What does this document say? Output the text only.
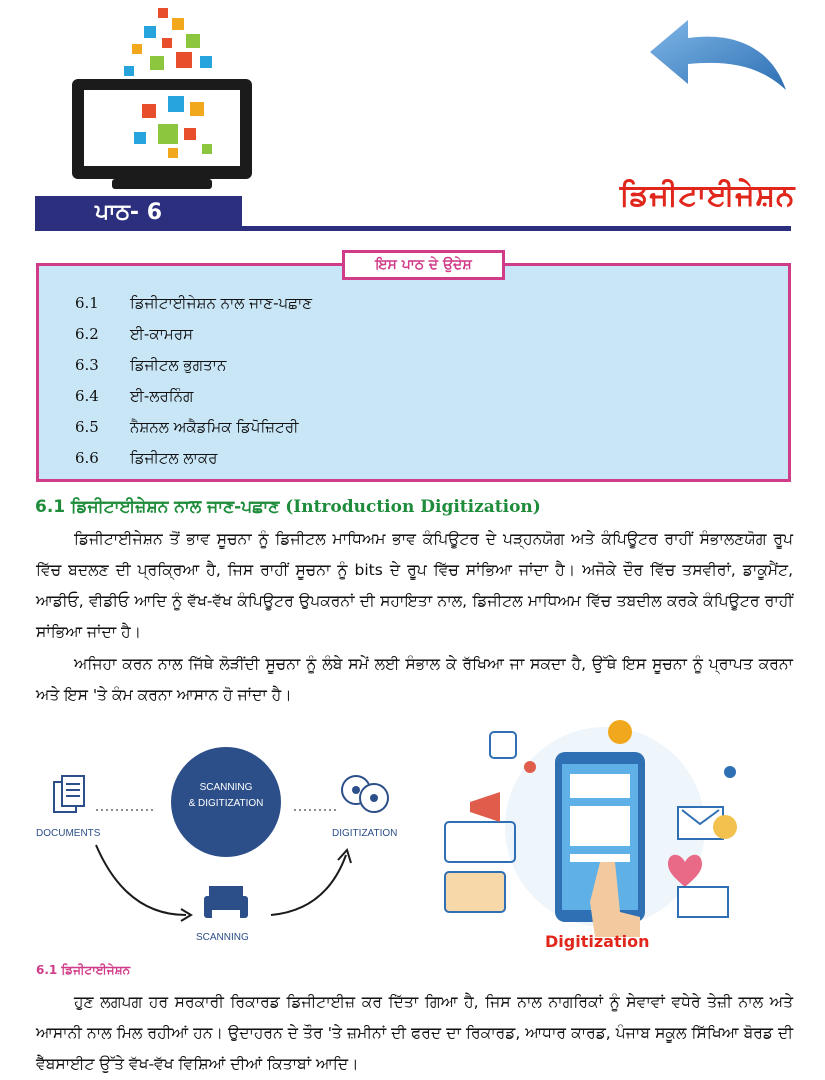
ਪਾਠ- 6	ਡਿਜੀਟਾਈਜੇਸ਼ਨ
6.1 ਡਿਜੀਟਾਈਜੇਸ਼ਨ ਨਾਲ ਜਾਣ-ਪਛਾਣ
6.2 ਈ-ਕਾਮਰਸ
6.3 ਡਿਜੀਟਲ ਭੁਗਤਾਨ
6.4 ਈ-ਲਰਨਿੰਗ
6.5 ਨੈਸ਼ਨਲ ਅਕੈਡਮਿਕ ਡਿਪੋਜ਼ਿਟਰੀ
6.6 ਡਿਜੀਟਲ ਲਾਕਰ
ਇਸ ਪਾਠ ਦੇ ਉਦੇਸ਼
6.1 ਡਿਜੀਟਾਈਜ਼ੇਸ਼ਨ ਨਾਲ ਜਾਣ-ਪਛਾਣ (Introduction Digitization)

ਡਿਜੀਟਾਈਜੇਸ਼ਨ ਤੋਂ ਭਾਵ ਸੂਚਨਾ ਨੂੰ ਡਿਜੀਟਲ ਮਾਧਿਅਮ ਭਾਵ ਕੰਪਿਊਟਰ ਦੇ ਪੜ੍ਹਨਯੋਗ ਅਤੇ ਕੰਪਿਊਟਰ ਰਾਹੀਂ ਸੰਭਾਲਣਯੋਗ ਰੂਪ ਵਿੱਚ ਬਦਲਣ ਦੀ ਪ੍ਰਕ੍ਰਿਆ ਹੈ, ਜਿਸ ਰਾਹੀਂ ਸੂਚਨਾ ਨੂੰ bits ਦੇ ਰੂਪ ਵਿੱਚ ਸਾਂਭਿਆ ਜਾਂਦਾ ਹੈ। ਅਜੋਕੇ ਦੌਰ ਵਿੱਚ ਤਸਵੀਰਾਂ, ਡਾਕੂਮੈਂਟ, ਆਡੀਓ, ਵੀਡੀਓ ਆਦਿ ਨੂੰ ਵੱਖ-ਵੱਖ ਕੰਪਿਊਟਰ ਉਪਕਰਨਾਂ ਦੀ ਸਹਾਇਤਾ ਨਾਲ, ਡਿਜੀਟਲ ਮਾਧਿਅਮ ਵਿੱਚ ਤਬਦੀਲ ਕਰਕੇ ਕੰਪਿਊਟਰ ਰਾਹੀਂ ਸਾਂਭਿਆ ਜਾਂਦਾ ਹੈ।

ਅਜਿਹਾ ਕਰਨ ਨਾਲ ਜਿੱਥੇ ਲੋੜੀਂਦੀ ਸੂਚਨਾ ਨੂੰ ਲੰਬੇ ਸਮੇਂ ਲਈ ਸੰਭਾਲ ਕੇ ਰੱਖਿਆ ਜਾ ਸਕਦਾ ਹੈ, ਉੱਥੇ ਇਸ ਸੂਚਨਾ ਨੂੰ ਪ੍ਰਾਪਤ ਕਰਨਾ ਅਤੇ ਇਸ 'ਤੇ ਕੰਮ ਕਰਨਾ ਆਸਾਨ ਹੋ ਜਾਂਦਾ ਹੈ।

SCANNING
& DIGITIZATION
DOCUMENTS	DIGITIZATION
SCANNING	Digitization
6.1 ਡਿਜੀਟਾਈਜੇਸ਼ਨ

ਹੁਣ ਲਗਪਗ ਹਰ ਸਰਕਾਰੀ ਰਿਕਾਰਡ ਡਿਜੀਟਾਈਜ਼ ਕਰ ਦਿੱਤਾ ਗਿਆ ਹੈ, ਜਿਸ ਨਾਲ ਨਾਗਰਿਕਾਂ ਨੂੰ ਸੇਵਾਵਾਂ ਵਧੇਰੇ ਤੇਜ਼ੀ ਨਾਲ ਅਤੇ ਆਸਾਨੀ ਨਾਲ ਮਿਲ ਰਹੀਆਂ ਹਨ। ਉਦਾਹਰਨ ਦੇ ਤੌਰ 'ਤੇ ਜ਼ਮੀਨਾਂ ਦੀ ਫਰਦ ਦਾ ਰਿਕਾਰਡ, ਆਧਾਰ ਕਾਰਡ, ਪੰਜਾਬ ਸਕੂਲ ਸਿੱਖਿਆ ਬੋਰਡ ਦੀ ਵੈੱਬਸਾਈਟ ਉੱਤੇ ਵੱਖ-ਵੱਖ ਵਿਸ਼ਿਆਂ ਦੀਆਂ ਕਿਤਾਬਾਂ ਆਦਿ।
